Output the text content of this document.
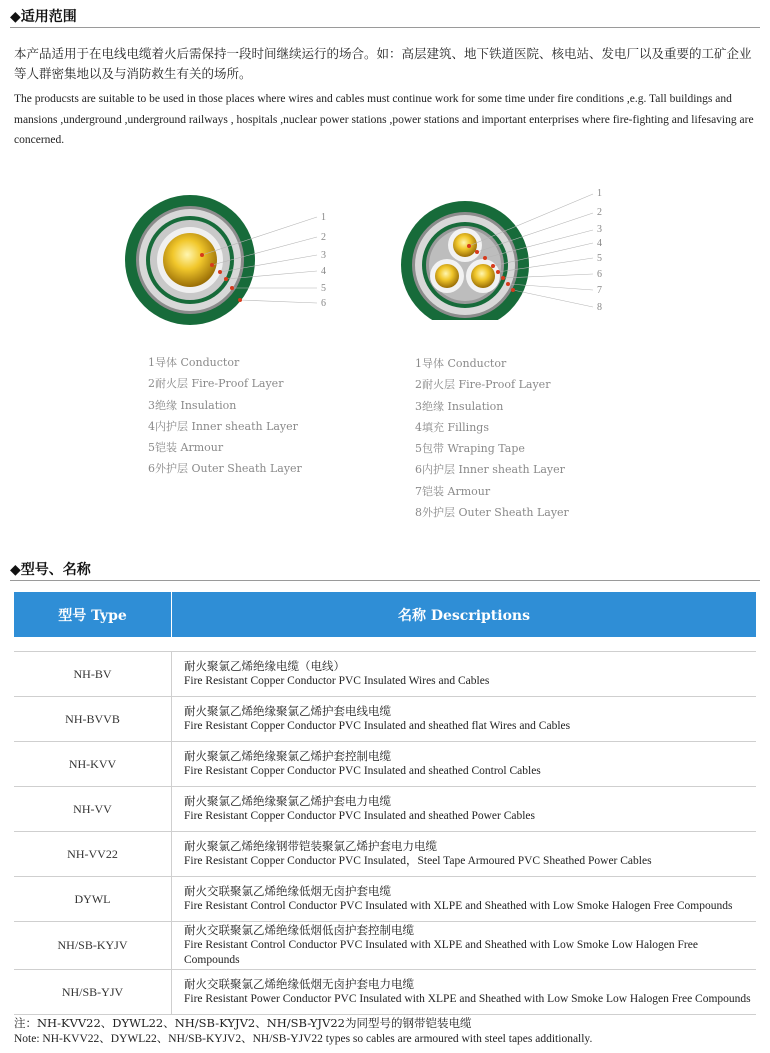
◆适用范围
本产品适用于在电线电缆着火后需保持一段时间继续运行的场合。如：高层建筑、地下铁道医院、核电站、发电厂以及重要的工矿企业等人群密集地以及与消防救生有关的场所。
The producsts are suitable to be used in those places where wires and cables must continue work for some time under fire conditions ,e.g. Tall buildings and mansions ,underground ,underground railways , hospitals ,nuclear power stations ,power stations and important enterprises where fire-fighting and lifesaving are concerned.
1
2
3
4
5
6
1
2
3
4
5
6
7
8
1导体 Conductor
2耐火层 Fire-Proof Layer
3绝缘 Insulation
4内护层 Inner sheath Layer
5铠装 Armour
6外护层 Outer Sheath Layer
1导体 Conductor
2耐火层 Fire-Proof Layer
3绝缘 Insulation
4填充 Fillings
5包带 Wraping Tape
6内护层 Inner sheath Layer
7铠装 Armour
8外护层 Outer Sheath Layer
◆型号、名称
型号 Type	名称 Descriptions

NH-BV	耐火聚氯乙烯绝缘电缆（电线）
Fire Resistant Copper Conductor PVC Insulated Wires and Cables

NH-BVVB	耐火聚氯乙烯绝缘聚氯乙烯护套电线电缆
Fire Resistant Copper Conductor PVC Insulated and sheathed flat Wires and Cables

NH-KVV	耐火聚氯乙烯绝缘聚氯乙烯护套控制电缆
Fire Resistant Copper Conductor PVC Insulated and sheathed Control Cables

NH-VV	耐火聚氯乙烯绝缘聚氯乙烯护套电力电缆
Fire Resistant Copper Conductor PVC Insulated and sheathed Power Cables

NH-VV22	耐火聚氯乙烯绝缘钢带铠装聚氯乙烯护套电力电缆
Fire Resistant Copper Conductor PVC Insulated，Steel Tape Armoured PVC Sheathed Power Cables

DYWL	耐火交联聚氯乙烯绝缘低烟无卤护套电缆
Fire Resistant Control Conductor PVC Insulated with XLPE and Sheathed with Low Smoke Halogen Free Compounds

NH/SB-KYJV	耐火交联聚氯乙烯绝缘低烟低卤护套控制电缆
Fire Resistant Control Conductor PVC Insulated with XLPE and Sheathed with Low Smoke Low Halogen Free Compounds

NH/SB-YJV	耐火交联聚氯乙烯绝缘低烟无卤护套电力电缆
Fire Resistant Power Conductor PVC Insulated with XLPE and Sheathed with Low Smoke Low Halogen Free Compounds
注：NH-KVV22、DYWL22、NH/SB-KYJV2、NH/SB-YJV22为同型号的钢带铠装电缆
Note: NH-KVV22、DYWL22、NH/SB-KYJV2、NH/SB-YJV22 types so cables are armoured with steel tapes additionally.
